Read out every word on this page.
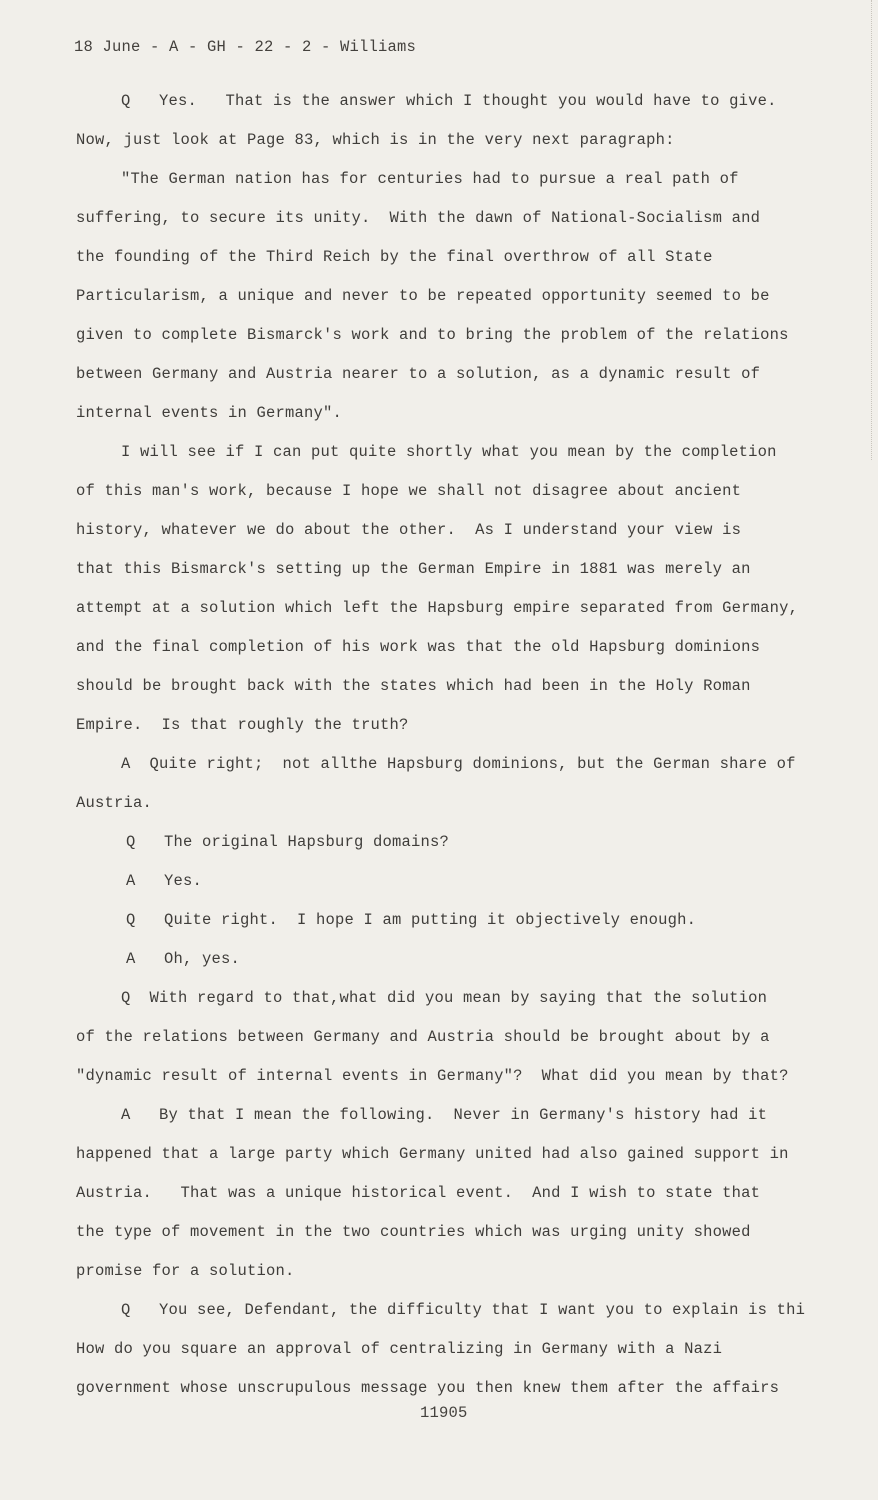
18 June - A - GH - 22 - 2 - Williams
Q   Yes.   That is the answer which I thought you would have to give.
Now, just look at Page 83, which is in the very next paragraph:
"The German nation has for centuries had to pursue a real path of
suffering, to secure its unity.  With the dawn of National-Socialism and
the founding of the Third Reich by the final overthrow of all State
Particularism, a unique and never to be repeated opportunity seemed to be
given to complete Bismarck's work and to bring the problem of the relations
between Germany and Austria nearer to a solution, as a dynamic result of
internal events in Germany".
I will see if I can put quite shortly what you mean by the completion
of this man's work, because I hope we shall not disagree about ancient
history, whatever we do about the other.  As I understand your view is
that this Bismarck's setting up the German Empire in 1881 was merely an
attempt at a solution which left the Hapsburg empire separated from Germany,
and the final completion of his work was that the old Hapsburg dominions
should be brought back with the states which had been in the Holy Roman
Empire.  Is that roughly the truth?
A  Quite right;  not allthe Hapsburg dominions, but the German share of
Austria.
Q   The original Hapsburg domains?
A   Yes.
Q   Quite right.  I hope I am putting it objectively enough.
A   Oh, yes.
Q  With regard to that,what did you mean by saying that the solution
of the relations between Germany and Austria should be brought about by a
"dynamic result of internal events in Germany"?  What did you mean by that?
A   By that I mean the following.  Never in Germany's history had it
happened that a large party which Germany united had also gained support in
Austria.   That was a unique historical event.  And I wish to state that
the type of movement in the two countries which was urging unity showed
promise for a solution.
Q   You see, Defendant, the difficulty that I want you to explain is thi
How do you square an approval of centralizing in Germany with a Nazi
government whose unscrupulous message you then knew them after the affairs
11905
